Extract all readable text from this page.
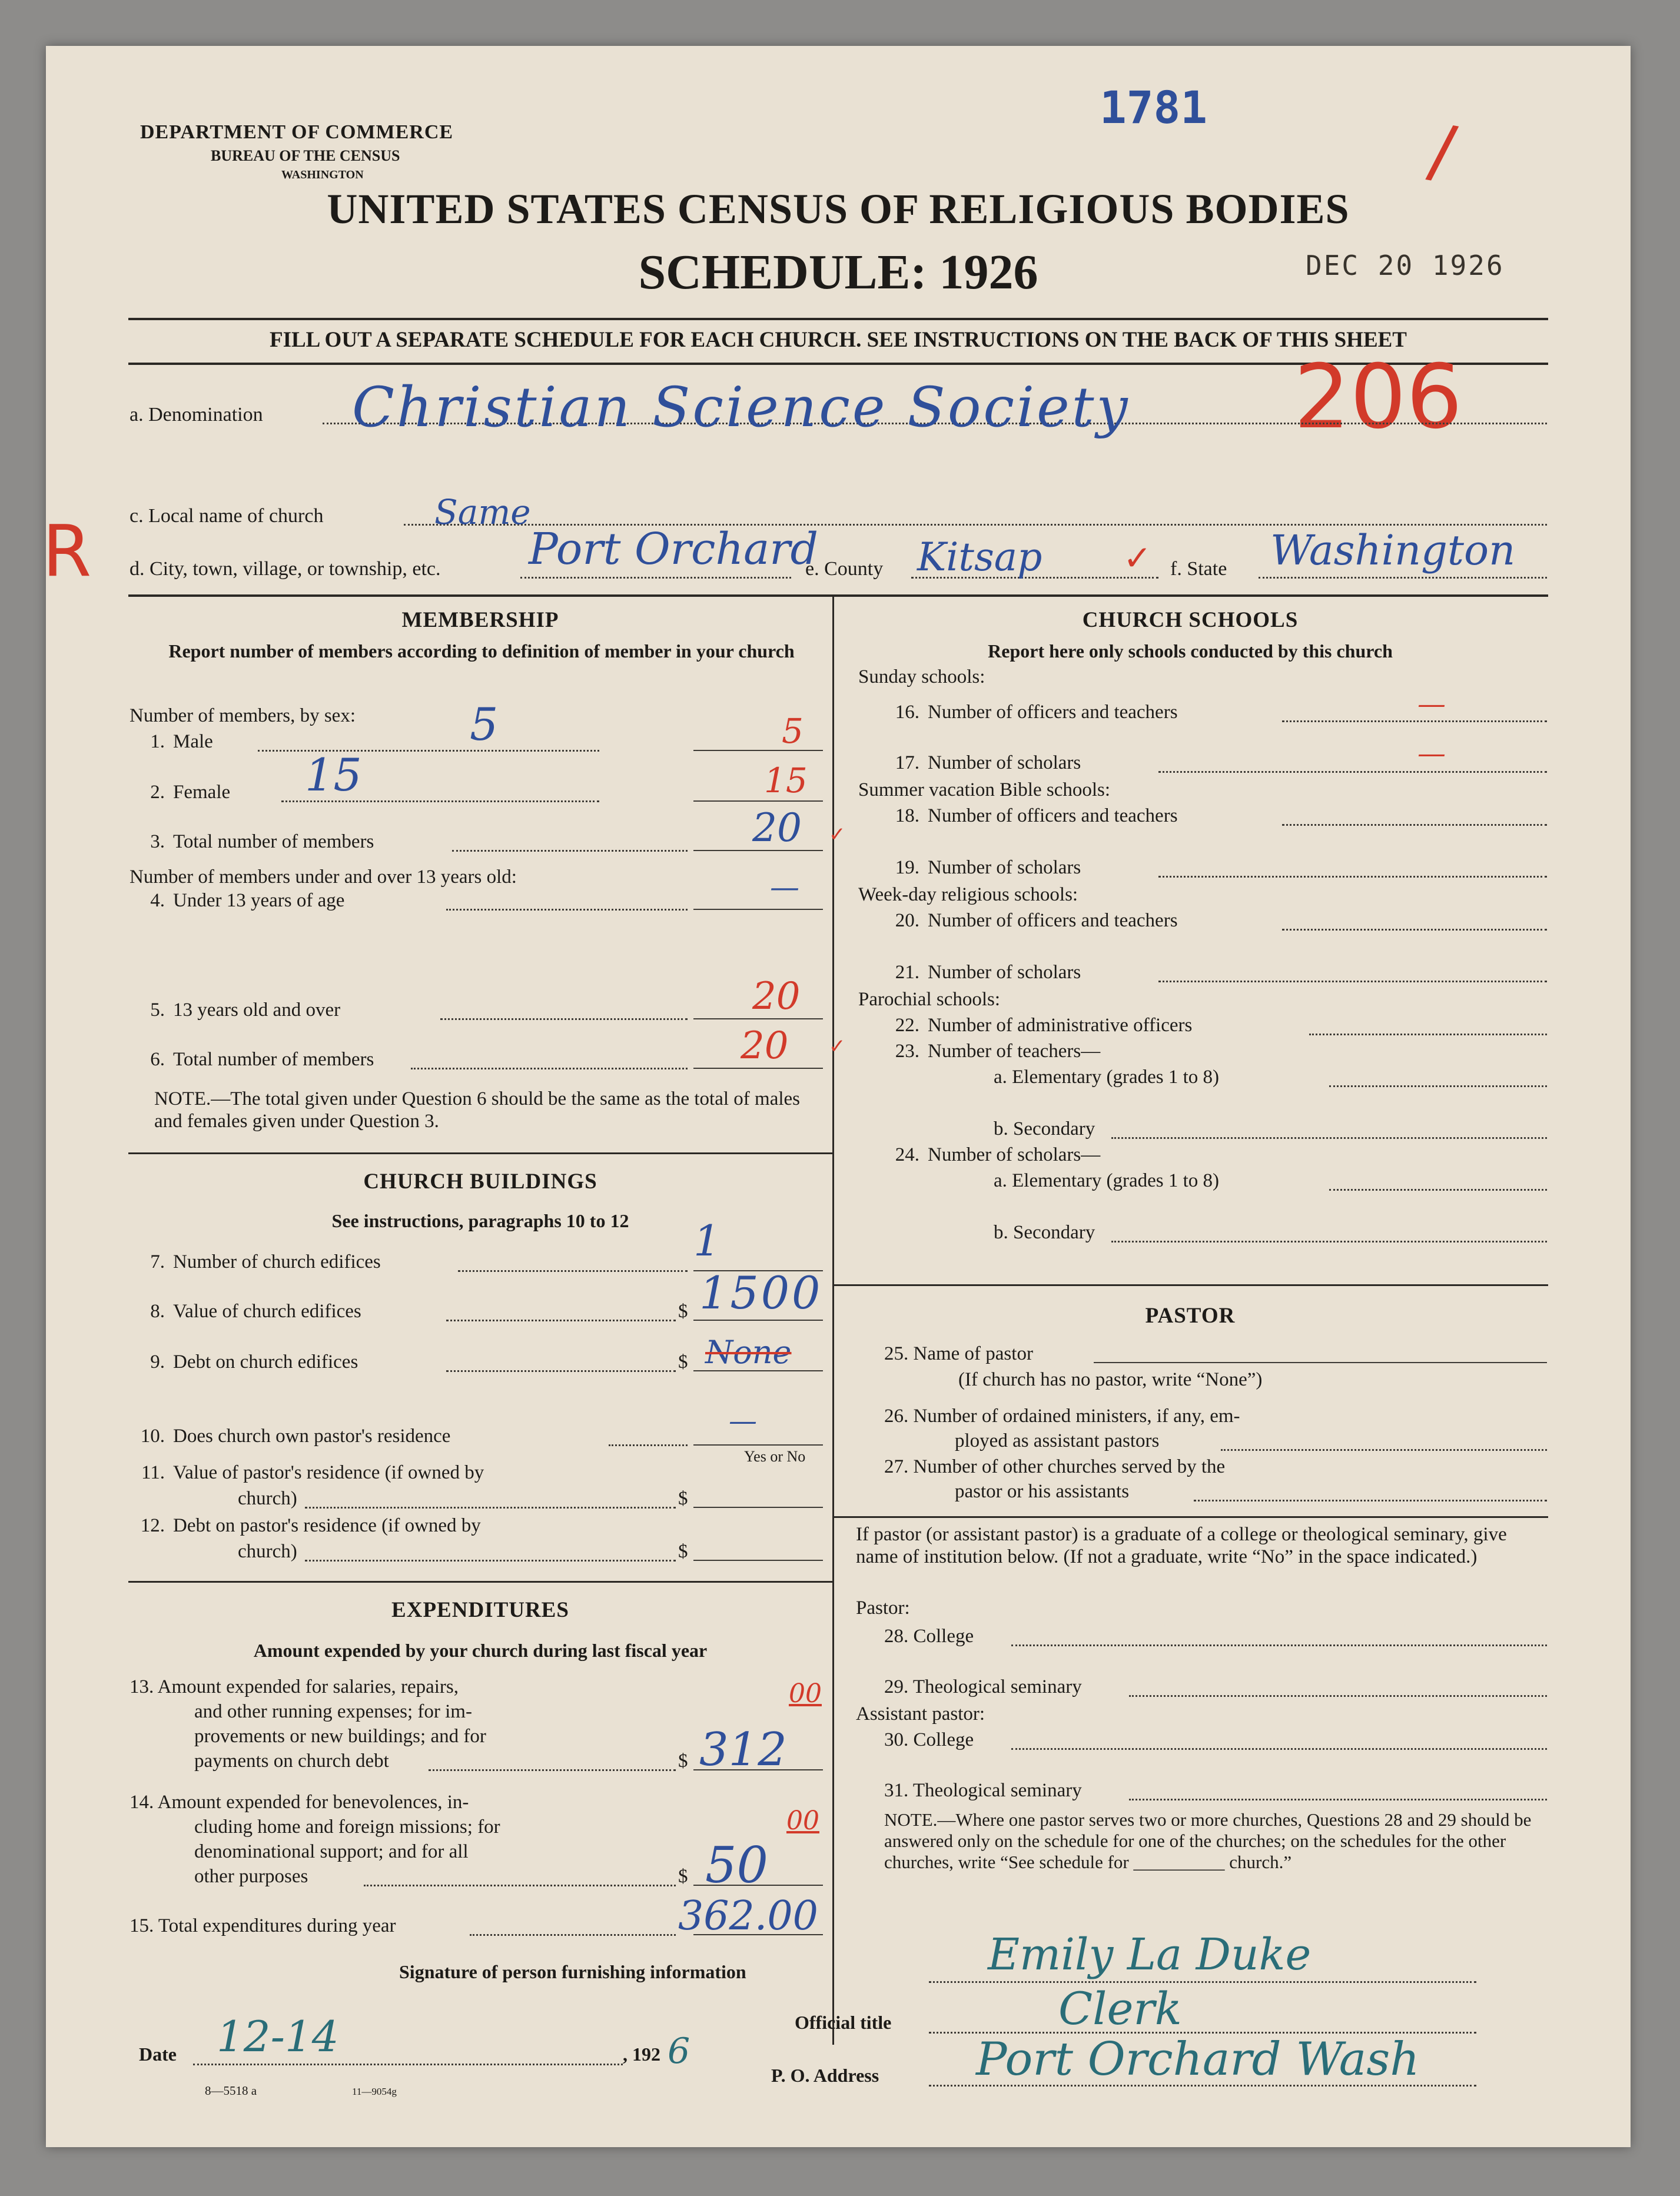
DEPARTMENT OF COMMERCE
BUREAU OF THE CENSUS
WASHINGTON
1781
/
UNITED STATES CENSUS OF RELIGIOUS BODIES
SCHEDULE: 1926	DEC 20 1926
FILL OUT A SEPARATE SCHEDULE FOR EACH CHURCH. SEE INSTRUCTIONS ON THE BACK OF THIS SHEET
206
R
a. Denomination Christian Science Society
c. Local name of church	Same
d. City, town, village, or township, etc. Port Orchard
e. County Kitsap ✓ f. State Washington
MEMBERSHIP
Report number of members according to definition of member in your church
Number of members, by sex:
1. Male	5	5
2. Female 15	15
3. Total number of members	20 ✓
Number of members under and over 13 years old:
4. Under 13 years of age	—
5. 13 years old and over	20
6. Total number of members	20 ✓
NOTE.—The total given under Question 6 should be the same as the total of males and females given under Question 3.
CHURCH BUILDINGS
See instructions, paragraphs 10 to 12
7. Number of church edifices	1
8. Value of church edifices	$ 1500
9. Debt on church edifices	$ None
10. Does church own pastor's residence	—
Yes or No
11. Value of pastor's residence (if owned by
church)	$
12. Debt on pastor's residence (if owned by
church)	$
EXPENDITURES
Amount expended by your church during last fiscal year
13. Amount expended for salaries, repairs,
and other running expenses; for im-
provements or new buildings; and for
payments on church debt	$ 312
00
14. Amount expended for benevolences, in-
cluding home and foreign missions; for
denominational support; and for all
other purposes	$ 50
00
15. Total expenditures during year	362.00
CHURCH SCHOOLS
Report here only schools conducted by this church
Sunday schools:
16. Number of officers and teachers	—
17. Number of scholars	—
Summer vacation Bible schools:
18. Number of officers and teachers
19. Number of scholars
Week-day religious schools:
20. Number of officers and teachers
21. Number of scholars
Parochial schools:
22. Number of administrative officers
23. Number of teachers—
a. Elementary (grades 1 to 8)
b. Secondary
24. Number of scholars—
a. Elementary (grades 1 to 8)
b. Secondary
PASTOR
25. Name of pastor
(If church has no pastor, write “None”)
26. Number of ordained ministers, if any, em-
ployed as assistant pastors
27. Number of other churches served by the
pastor or his assistants
If pastor (or assistant pastor) is a graduate of a college or theological seminary, give name of institution below. (If not a graduate, write “No” in the space indicated.)
Pastor:
28. College
29. Theological seminary
Assistant pastor:
30. College
31. Theological seminary
NOTE.—Where one pastor serves two or more churches, Questions 28 and 29 should be answered only on the schedule for one of the churches; on the schedules for the other churches, write “See schedule for __________ church.”
Signature of person furnishing information	Emily La Duke
Official title	Clerk
Date 12-14	, 192 6
P. O. Address Port Orchard Wash
8—5518 a	11—9054g
